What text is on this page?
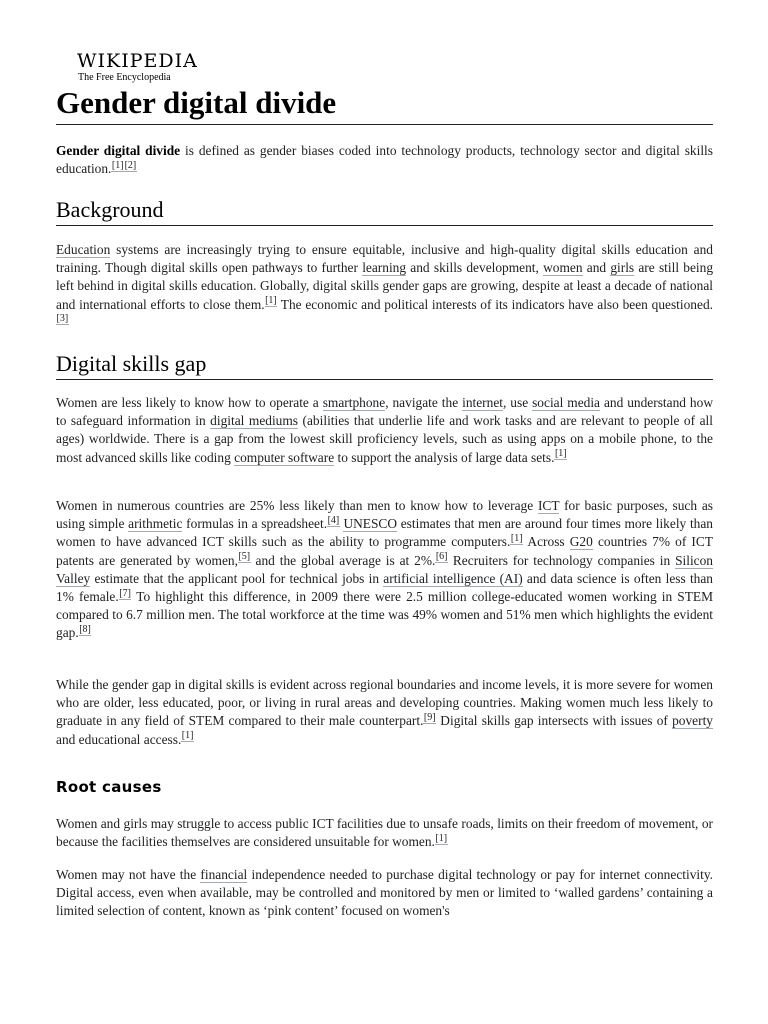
WIKIPEDIA
The Free Encyclopedia
Gender digital divide

Gender digital divide is defined as gender biases coded into technology products, technology sector and digital skills education.[1][2]

Background

Education systems are increasingly trying to ensure equitable, inclusive and high-quality digital skills education and training. Though digital skills open pathways to further learning and skills development, women and girls are still being left behind in digital skills education. Globally, digital skills gender gaps are growing, despite at least a decade of national and international efforts to close them.[1] The economic and political interests of its indicators have also been questioned.[3]

Digital skills gap

Women are less likely to know how to operate a smartphone, navigate the internet, use social media and understand how to safeguard information in digital mediums (abilities that underlie life and work tasks and are relevant to people of all ages) worldwide. There is a gap from the lowest skill proficiency levels, such as using apps on a mobile phone, to the most advanced skills like coding computer software to support the analysis of large data sets.[1]

Women in numerous countries are 25% less likely than men to know how to leverage ICT for basic purposes, such as using simple arithmetic formulas in a spreadsheet.[4] UNESCO estimates that men are around four times more likely than women to have advanced ICT skills such as the ability to programme computers.[1] Across G20 countries 7% of ICT patents are generated by women,[5] and the global average is at 2%.[6] Recruiters for technology companies in Silicon Valley estimate that the applicant pool for technical jobs in artificial intelligence (AI) and data science is often less than 1% female.[7] To highlight this difference, in 2009 there were 2.5 million college-educated women working in STEM compared to 6.7 million men. The total workforce at the time was 49% women and 51% men which highlights the evident gap.[8]

While the gender gap in digital skills is evident across regional boundaries and income levels, it is more severe for women who are older, less educated, poor, or living in rural areas and developing countries. Making women much less likely to graduate in any field of STEM compared to their male counterpart.[9] Digital skills gap intersects with issues of poverty and educational access.[1]

Root causes

Women and girls may struggle to access public ICT facilities due to unsafe roads, limits on their freedom of movement, or because the facilities themselves are considered unsuitable for women.[1]

Women may not have the financial independence needed to purchase digital technology or pay for internet connectivity. Digital access, even when available, may be controlled and monitored by men or limited to ‘walled gardens’ containing a limited selection of content, known as ‘pink content’ focused on women's
